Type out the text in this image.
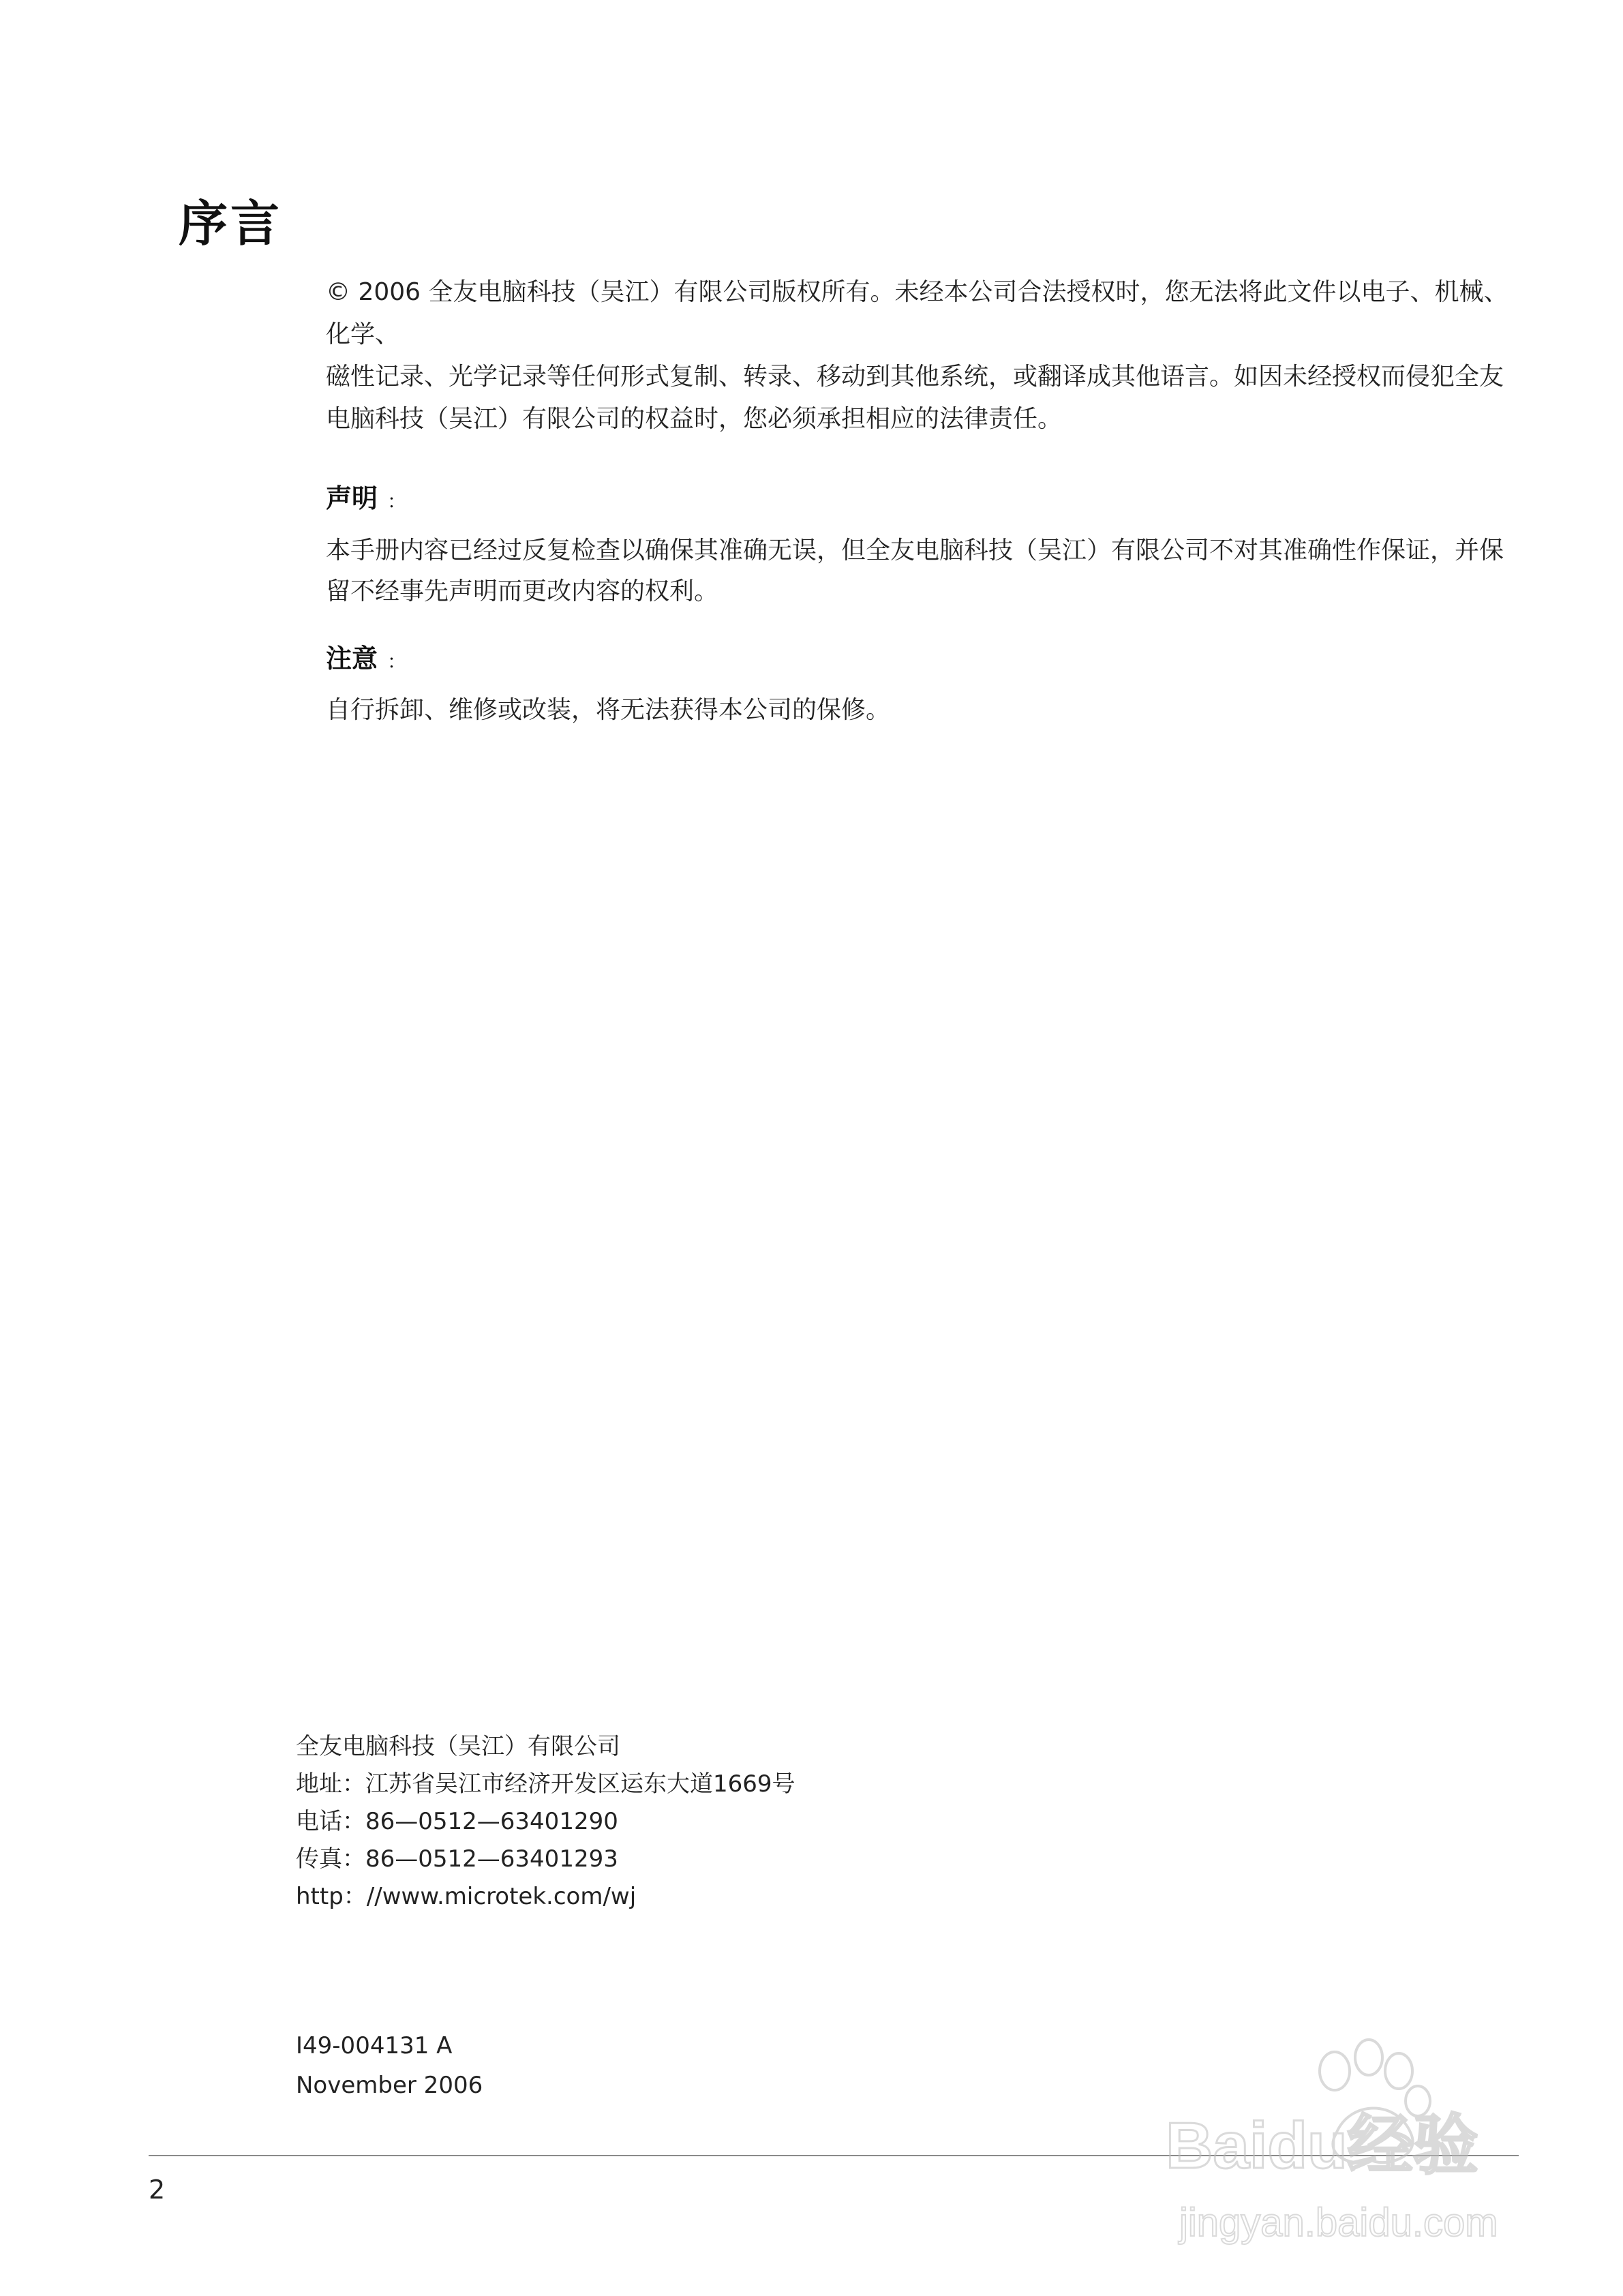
序言

© 2006 全友电脑科技（吴江）有限公司版权所有。未经本公司合法授权时，您无法将此文件以电子、机械、化学、

磁性记录、光学记录等任何形式复制、转录、移动到其他系统，或翻译成其他语言。如因未经授权而侵犯全友

电脑科技（吴江）有限公司的权益时，您必须承担相应的法律责任。

声明 ：

本手册内容已经过反复检查以确保其准确无误，但全友电脑科技（吴江）有限公司不对其准确性作保证，并保

留不经事先声明而更改内容的权利。

注意 ：

自行拆卸、维修或改装，将无法获得本公司的保修。

全友电脑科技（吴江）有限公司
地址：江苏省吴江市经济开发区运东大道1669号
电话：86—0512—63401290
传真：86—0512—63401293
http：//www.microtek.com/wj
I49-004131 A
November 2006
2
Baidu经验
jingyan.baidu.com
